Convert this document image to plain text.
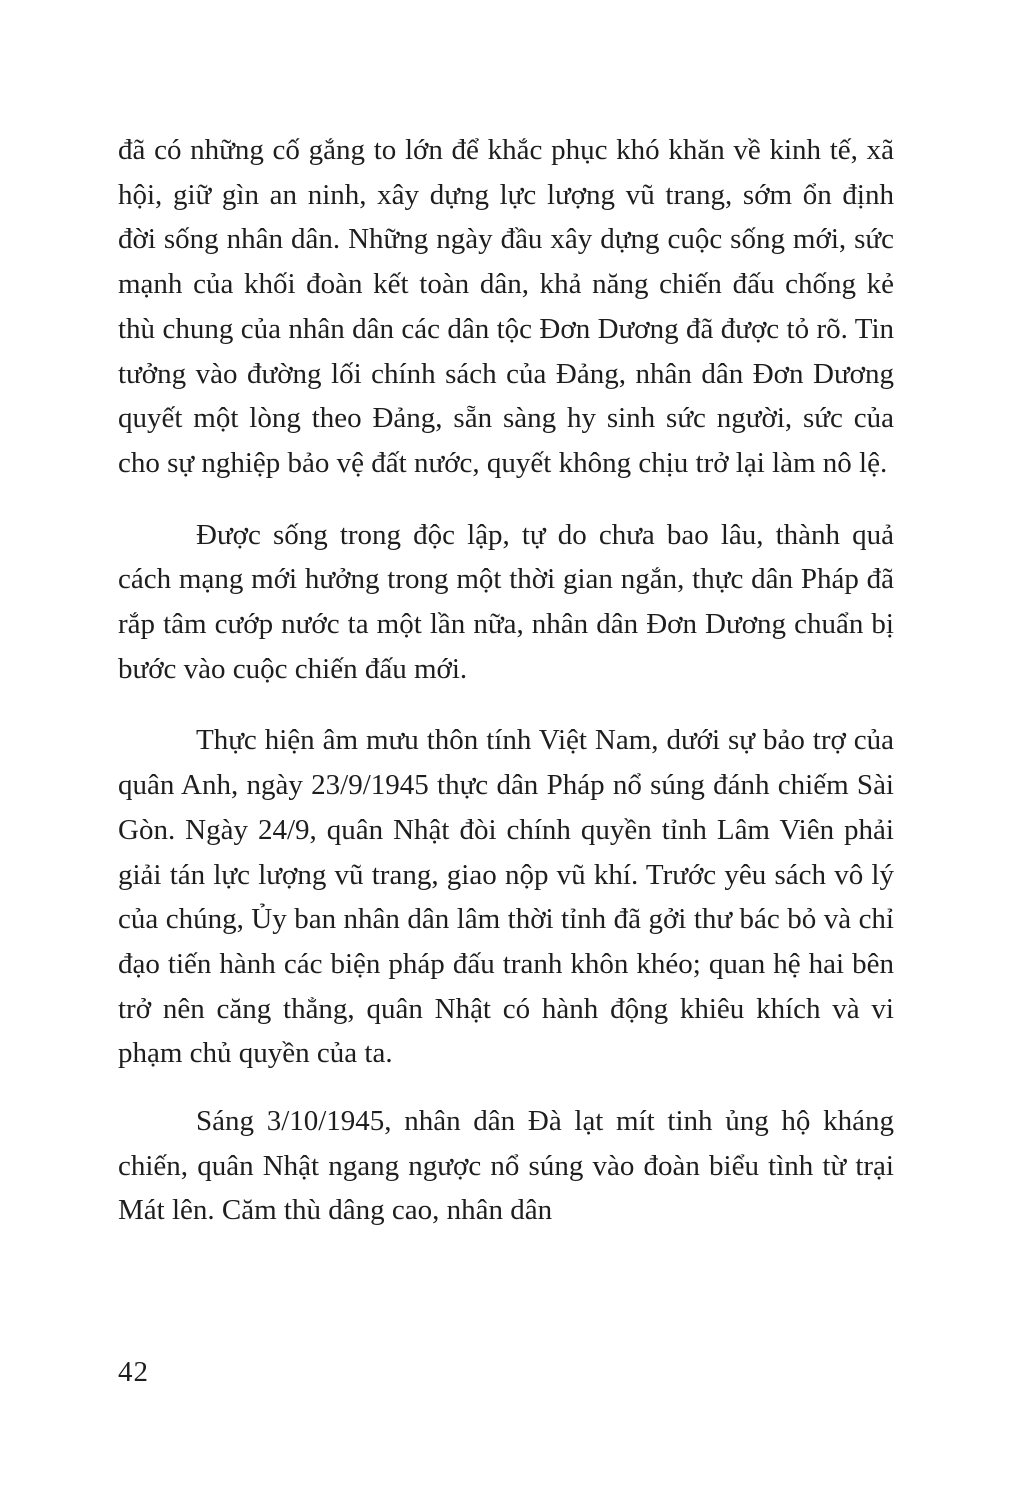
đã có những cố gắng to lớn để khắc phục khó khăn về kinh tế, xã hội, giữ gìn an ninh, xây dựng lực lượng vũ trang, sớm ổn định đời sống nhân dân. Những ngày đầu xây dựng cuộc sống mới, sức mạnh của khối đoàn kết toàn dân, khả năng chiến đấu chống kẻ thù chung của nhân dân các dân tộc Đơn Dương đã được tỏ rõ. Tin tưởng vào đường lối chính sách của Đảng, nhân dân Đơn Dương quyết một lòng theo Đảng, sẵn sàng hy sinh sức người, sức của cho sự nghiệp bảo vệ đất nước, quyết không chịu trở lại làm nô lệ.

Được sống trong độc lập, tự do chưa bao lâu, thành quả cách mạng mới hưởng trong một thời gian ngắn, thực dân Pháp đã rắp tâm cướp nước ta một lần nữa, nhân dân Đơn Dương chuẩn bị bước vào cuộc chiến đấu mới.

Thực hiện âm mưu thôn tính Việt Nam, dưới sự bảo trợ của quân Anh, ngày 23/9/1945 thực dân Pháp nổ súng đánh chiếm Sài Gòn. Ngày 24/9, quân Nhật đòi chính quyền tỉnh Lâm Viên phải giải tán lực lượng vũ trang, giao nộp vũ khí. Trước yêu sách vô lý của chúng, Ủy ban nhân dân lâm thời tỉnh đã gởi thư bác bỏ và chỉ đạo tiến hành các biện pháp đấu tranh khôn khéo; quan hệ hai bên trở nên căng thẳng, quân Nhật có hành động khiêu khích và vi phạm chủ quyền của ta.

Sáng 3/10/1945, nhân dân Đà lạt mít tinh ủng hộ kháng chiến, quân Nhật ngang ngược nổ súng vào đoàn biểu tình từ trại Mát lên. Căm thù dâng cao, nhân dân

42
